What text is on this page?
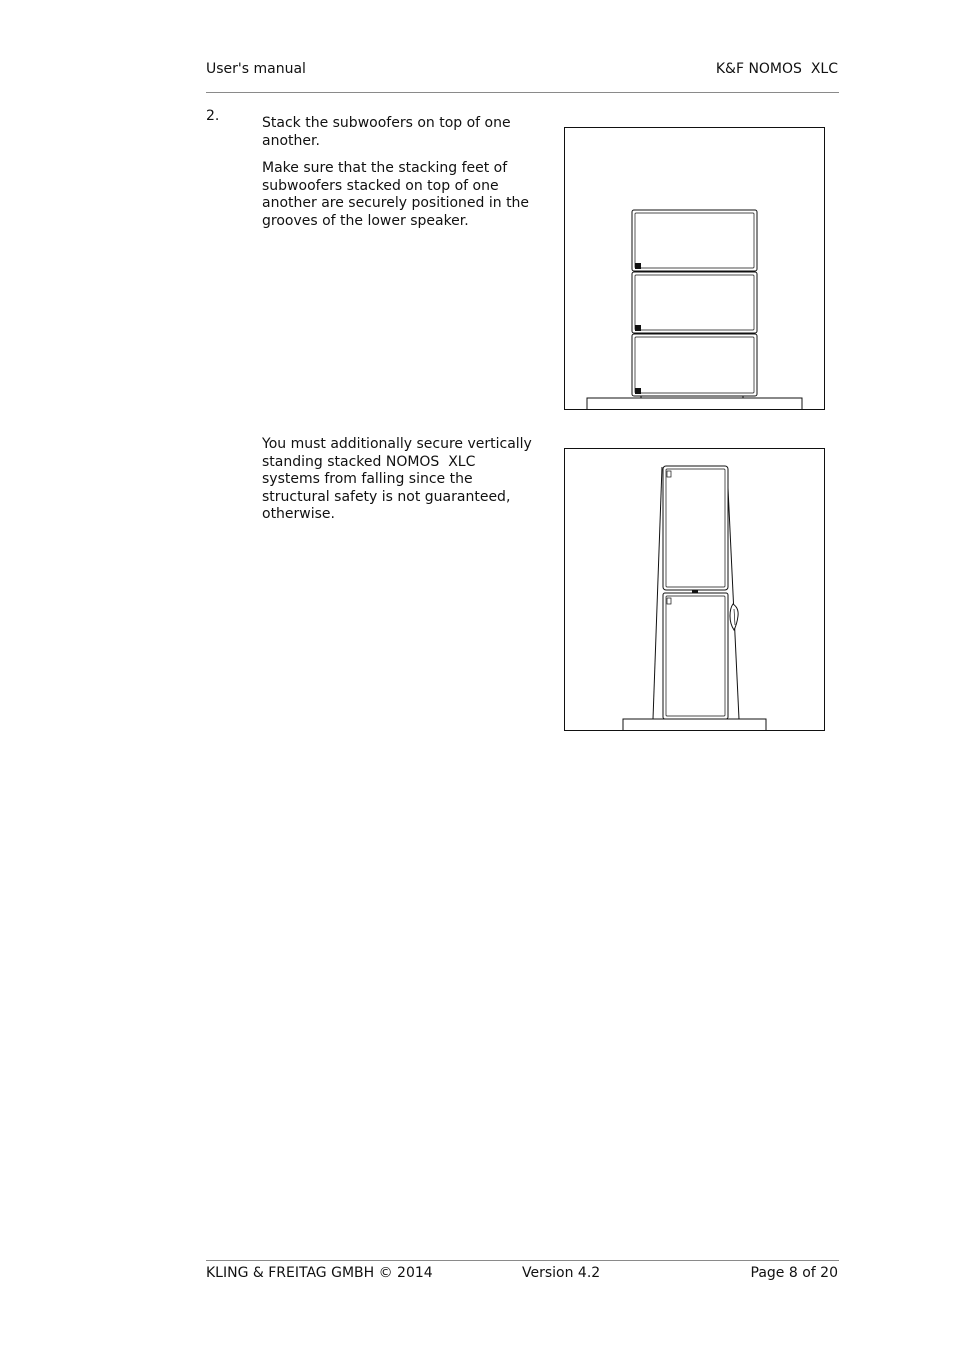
User's manual	K&F NOMOS  XLC
2.	Stack the subwoofers on top of one another.

Make sure that the stacking feet of subwoofers stacked on top of one another are securely positioned in the grooves of the lower speaker.

You must additionally secure vertically standing stacked NOMOS  XLC systems from falling since the structural safety is not guaranteed, otherwise.

KLING & FREITAG GMBH © 2014	Version 4.2	Page 8 of 20
